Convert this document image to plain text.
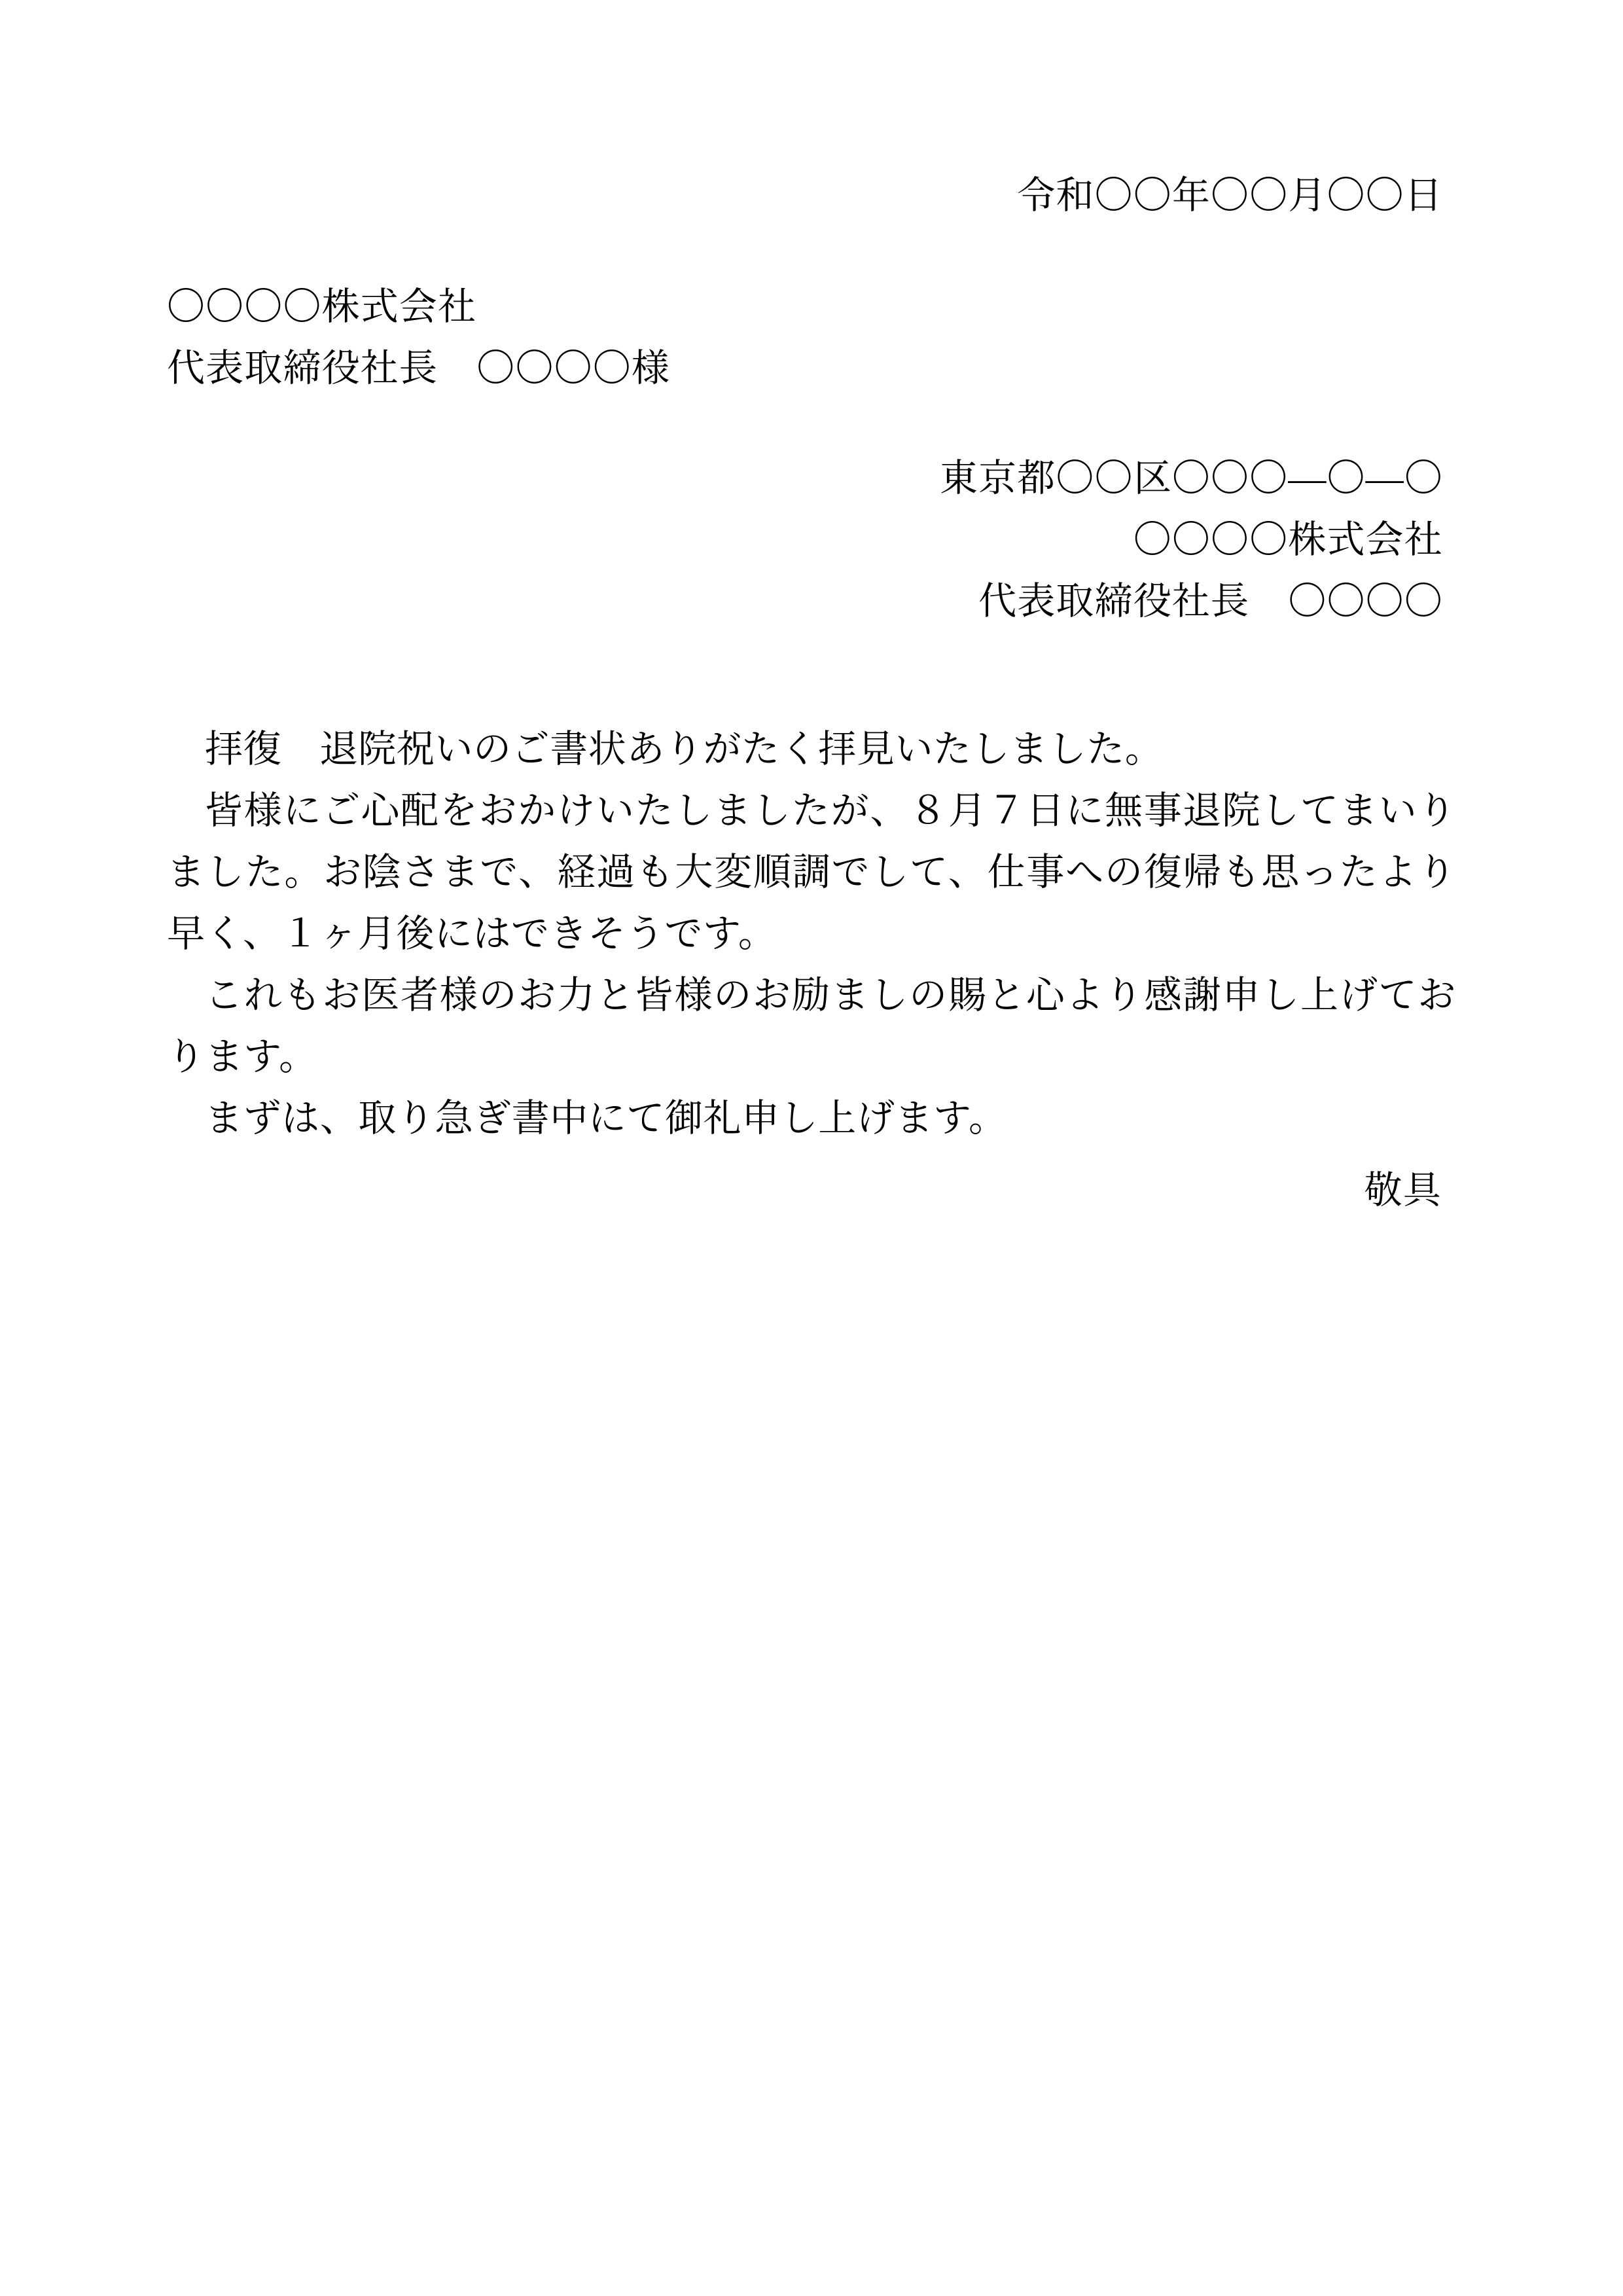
令和〇〇年〇〇月〇〇日
〇〇〇〇株式会社
代表取締役社長　〇〇〇〇様
東京都〇〇区〇〇〇—〇—〇
〇〇〇〇株式会社
代表取締役社長　〇〇〇〇

拝復　退院祝いのご書状ありがたく拝見いたしました。

皆様にご心配をおかけいたしましたが、８月７日に無事退院してまいりました。お陰さまで、経過も大変順調でして、仕事への復帰も思ったより早く、１ヶ月後にはできそうです。

これもお医者様のお力と皆様のお励ましの賜と心より感謝申し上げております。

まずは、取り急ぎ書中にて御礼申し上げます。

敬具
